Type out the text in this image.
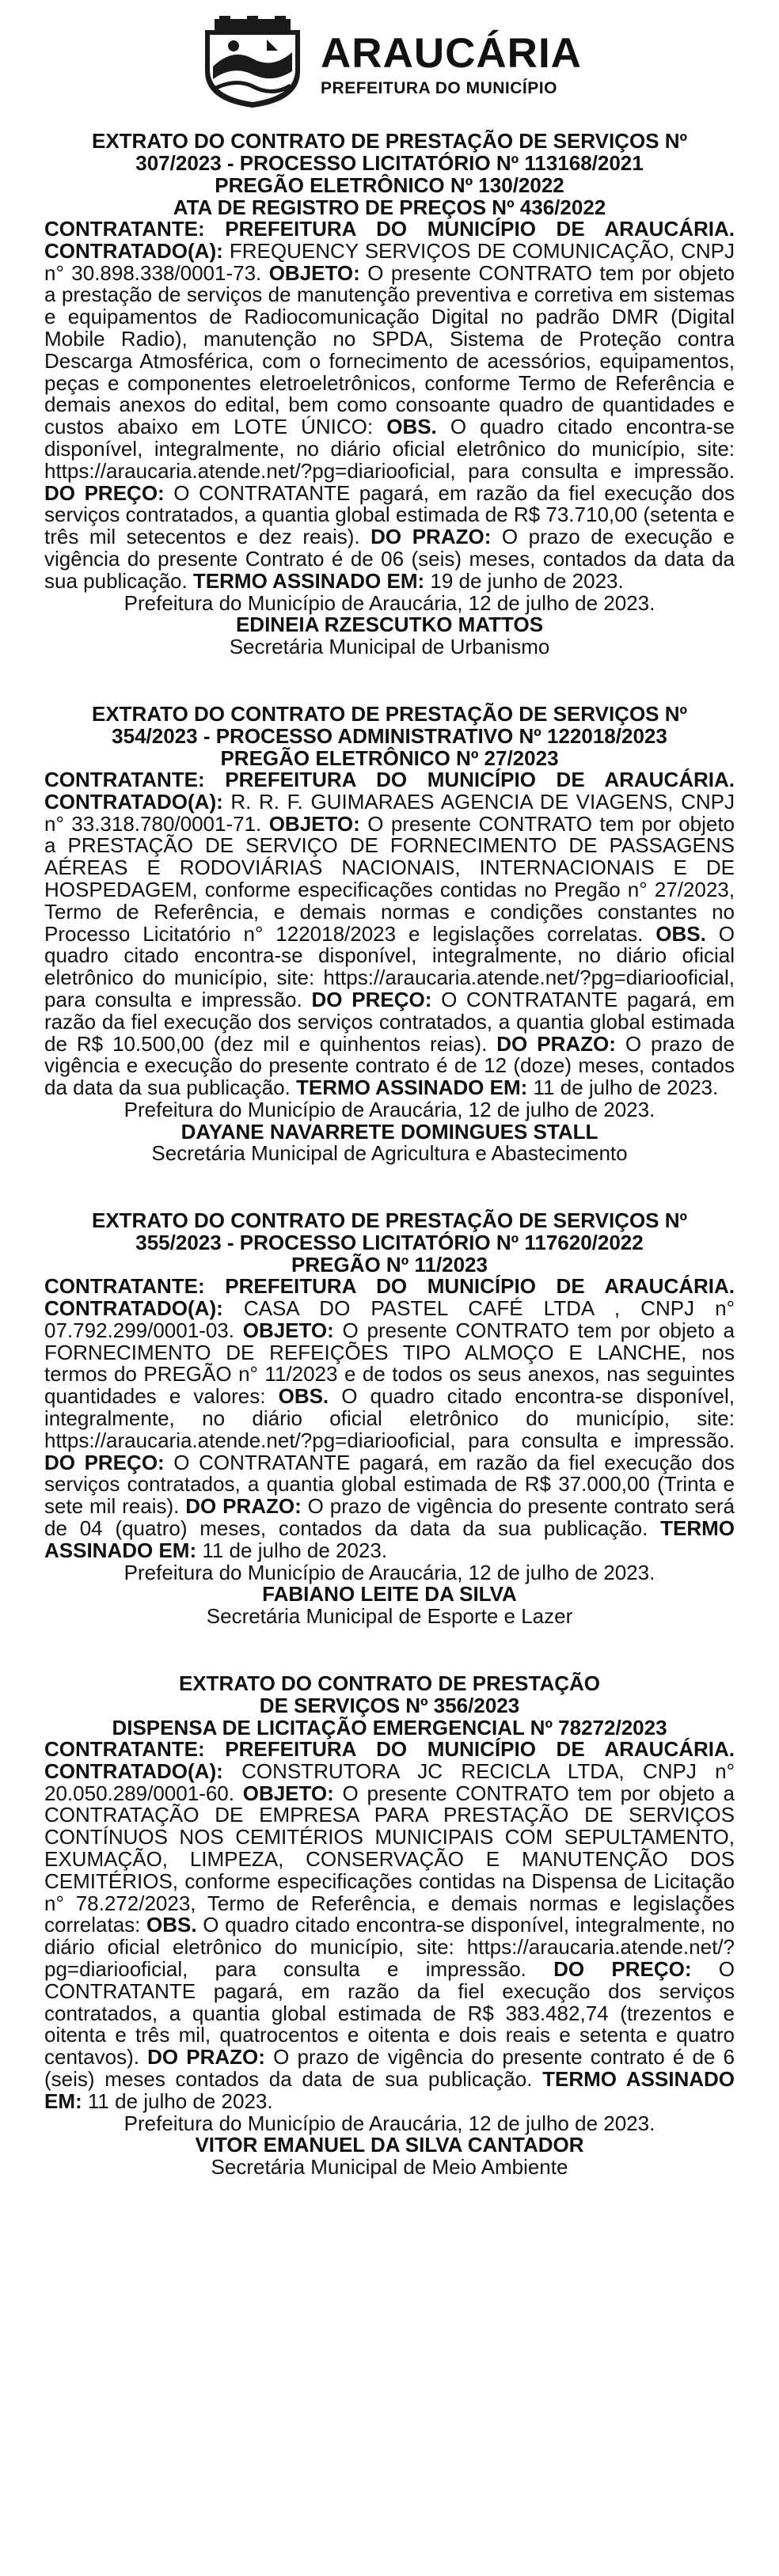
ARAUCÁRIA
PREFEITURA DO MUNICÍPIO
EXTRATO DO CONTRATO DE PRESTAÇÃO DE SERVIÇOS Nº
307/2023 - PROCESSO LICITATÓRIO Nº 113168/2021
PREGÃO ELETRÔNICO Nº 130/2022
ATA DE REGISTRO DE PREÇOS Nº 436/2022
CONTRATANTE: PREFEITURA DO MUNICÍPIO DE ARAUCÁRIA. CONTRATADO(A): FREQUENCY SERVIÇOS DE COMUNICAÇÃO, CNPJ n° 30.898.338/0001-73. OBJETO: O presente CONTRATO tem por objeto a prestação de serviços de manutenção preventiva e corretiva em sistemas e equipamentos de Radiocomunicação Digital no padrão DMR (Digital Mobile Radio), manutenção no SPDA, Sistema de Proteção contra Descarga Atmosférica, com o fornecimento de acessórios, equipamentos, peças e componentes eletroeletrônicos, conforme Termo de Referência e demais anexos do edital, bem como consoante quadro de quantidades e custos abaixo em LOTE ÚNICO: OBS. O quadro citado encontra-se disponível, integralmente, no diário oficial eletrônico do município, site: https://araucaria.atende.net/?pg=diariooficial, para consulta e impressão. DO PREÇO: O CONTRATANTE pagará, em razão da fiel execução dos serviços contratados, a quantia global estimada de R$ 73.710,00 (setenta e três mil setecentos e dez reais). DO PRAZO: O prazo de execução e vigência do presente Contrato é de 06 (seis) meses, contados da data da sua publicação. TERMO ASSINADO EM: 19 de junho de 2023.
Prefeitura do Município de Araucária, 12 de julho de 2023.
EDINEIA RZESCUTKO MATTOS
Secretária Municipal de Urbanismo
EXTRATO DO CONTRATO DE PRESTAÇÃO DE SERVIÇOS Nº
354/2023 - PROCESSO ADMINISTRATIVO Nº 122018/2023
PREGÃO ELETRÔNICO Nº 27/2023
CONTRATANTE: PREFEITURA DO MUNICÍPIO DE ARAUCÁRIA. CONTRATADO(A): R. R. F. GUIMARAES AGENCIA DE VIAGENS, CNPJ n° 33.318.780/0001-71. OBJETO: O presente CONTRATO tem por objeto a PRESTAÇÃO DE SERVIÇO DE FORNECIMENTO DE PASSAGENS AÉREAS E RODOVIÁRIAS NACIONAIS, INTERNACIONAIS E DE HOSPEDAGEM, conforme especificações contidas no Pregão n° 27/2023, Termo de Referência, e demais normas e condições constantes no Processo Licitatório n° 122018/2023 e legislações correlatas. OBS. O quadro citado encontra-se disponível, integralmente, no diário oficial eletrônico do município, site: https://araucaria.atende.net/?pg=diariooficial, para consulta e impressão. DO PREÇO: O CONTRATANTE pagará, em razão da fiel execução dos serviços contratados, a quantia global estimada de R$ 10.500,00 (dez mil e quinhentos reias). DO PRAZO: O prazo de vigência e execução do presente contrato é de 12 (doze) meses, contados da data da sua publicação. TERMO ASSINADO EM: 11 de julho de 2023.
Prefeitura do Município de Araucária, 12 de julho de 2023.
DAYANE NAVARRETE DOMINGUES STALL
Secretária Municipal de Agricultura e Abastecimento
EXTRATO DO CONTRATO DE PRESTAÇÃO DE SERVIÇOS Nº
355/2023 - PROCESSO LICITATÓRIO Nº 117620/2022
PREGÃO Nº 11/2023
CONTRATANTE: PREFEITURA DO MUNICÍPIO DE ARAUCÁRIA. CONTRATADO(A): CASA DO PASTEL CAFÉ LTDA , CNPJ n° 07.792.299/0001-03. OBJETO: O presente CONTRATO tem por objeto a FORNECIMENTO DE REFEIÇÕES TIPO ALMOÇO E LANCHE, nos termos do PREGÃO n° 11/2023 e de todos os seus anexos, nas seguintes quantidades e valores: OBS. O quadro citado encontra-se disponível, integralmente, no diário oficial eletrônico do município, site: https://araucaria.atende.net/?pg=diariooficial, para consulta e impressão. DO PREÇO: O CONTRATANTE pagará, em razão da fiel execução dos serviços contratados, a quantia global estimada de R$ 37.000,00 (Trinta e sete mil reais). DO PRAZO: O prazo de vigência do presente contrato será de 04 (quatro) meses, contados da data da sua publicação. TERMO ASSINADO EM: 11 de julho de 2023.
Prefeitura do Município de Araucária, 12 de julho de 2023.
FABIANO LEITE DA SILVA
Secretária Municipal de Esporte e Lazer
EXTRATO DO CONTRATO DE PRESTAÇÃO
DE SERVIÇOS Nº 356/2023
DISPENSA DE LICITAÇÃO EMERGENCIAL Nº 78272/2023
CONTRATANTE: PREFEITURA DO MUNICÍPIO DE ARAUCÁRIA. CONTRATADO(A): CONSTRUTORA JC RECICLA LTDA, CNPJ n° 20.050.289/0001-60. OBJETO: O presente CONTRATO tem por objeto a CONTRATAÇÃO DE EMPRESA PARA PRESTAÇÃO DE SERVIÇOS CONTÍNUOS NOS CEMITÉRIOS MUNICIPAIS COM SEPULTAMENTO, EXUMAÇÃO, LIMPEZA, CONSERVAÇÃO E MANUTENÇÃO DOS CEMITÉRIOS, conforme especificações contidas na Dispensa de Licitação n° 78.272/2023, Termo de Referência, e demais normas e legislações correlatas: OBS. O quadro citado encontra-se disponível, integralmente, no diário oficial eletrônico do município, site: https://araucaria.atende.net/?pg=diariooficial, para consulta e impressão. DO PREÇO: O CONTRATANTE pagará, em razão da fiel execução dos serviços contratados, a quantia global estimada de R$ 383.482,74 (trezentos e oitenta e três mil, quatrocentos e oitenta e dois reais e setenta e quatro centavos). DO PRAZO: O prazo de vigência do presente contrato é de 6 (seis) meses contados da data de sua publicação. TERMO ASSINADO EM: 11 de julho de 2023.
Prefeitura do Município de Araucária, 12 de julho de 2023.
VITOR EMANUEL DA SILVA CANTADOR
Secretária Municipal de Meio Ambiente
